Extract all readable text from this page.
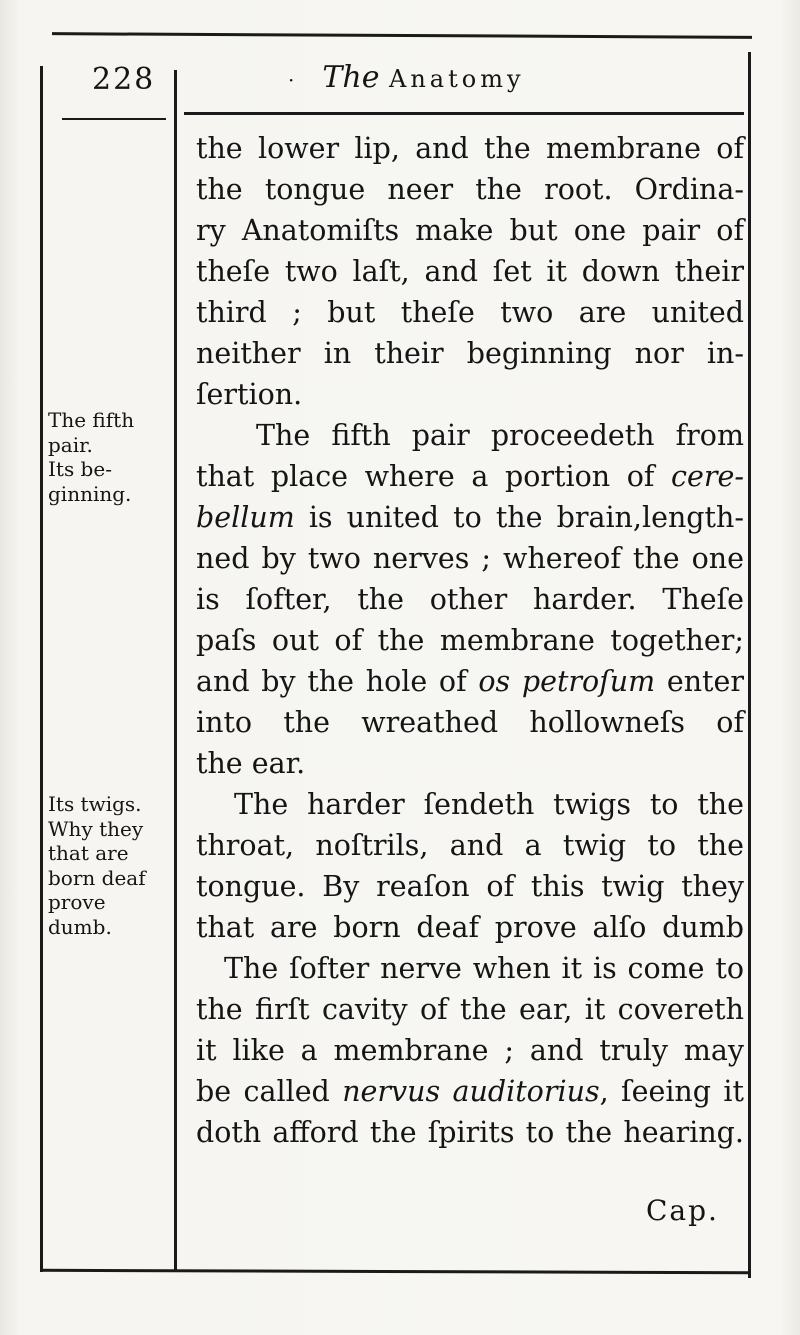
228	· The Anatomy
the lower lip, and the membrane of
the tongue neer the root. Ordina-
ry Anatomiſts make but one pair of
theſe two laſt, and ſet it down their
third ; but theſe two are united
neither in their beginning nor in-
ſertion.
The fifth pair proceedeth from
that place where a portion of cere-
bellum is united to the brain,length-
ned by two nerves ; whereof the one
is ſofter, the other harder. Theſe
paſs out of the membrane together;
and by the hole of os petroſum enter
into the wreathed hollowneſs of
the ear.
The harder ſendeth twigs to the
throat, noſtrils, and a twig to the
tongue. By reaſon of this twig they
that are born deaf prove alſo dumb
The ſofter nerve when it is come to
the firſt cavity of the ear, it covereth
it like a membrane ; and truly may
be called nervus auditorius, ſeeing it
doth afford the ſpirits to the hearing.
The fifth
pair.
Its be-
ginning.
Its twigs.
Why they
that are
born deaf
prove
dumb.
Cap.
